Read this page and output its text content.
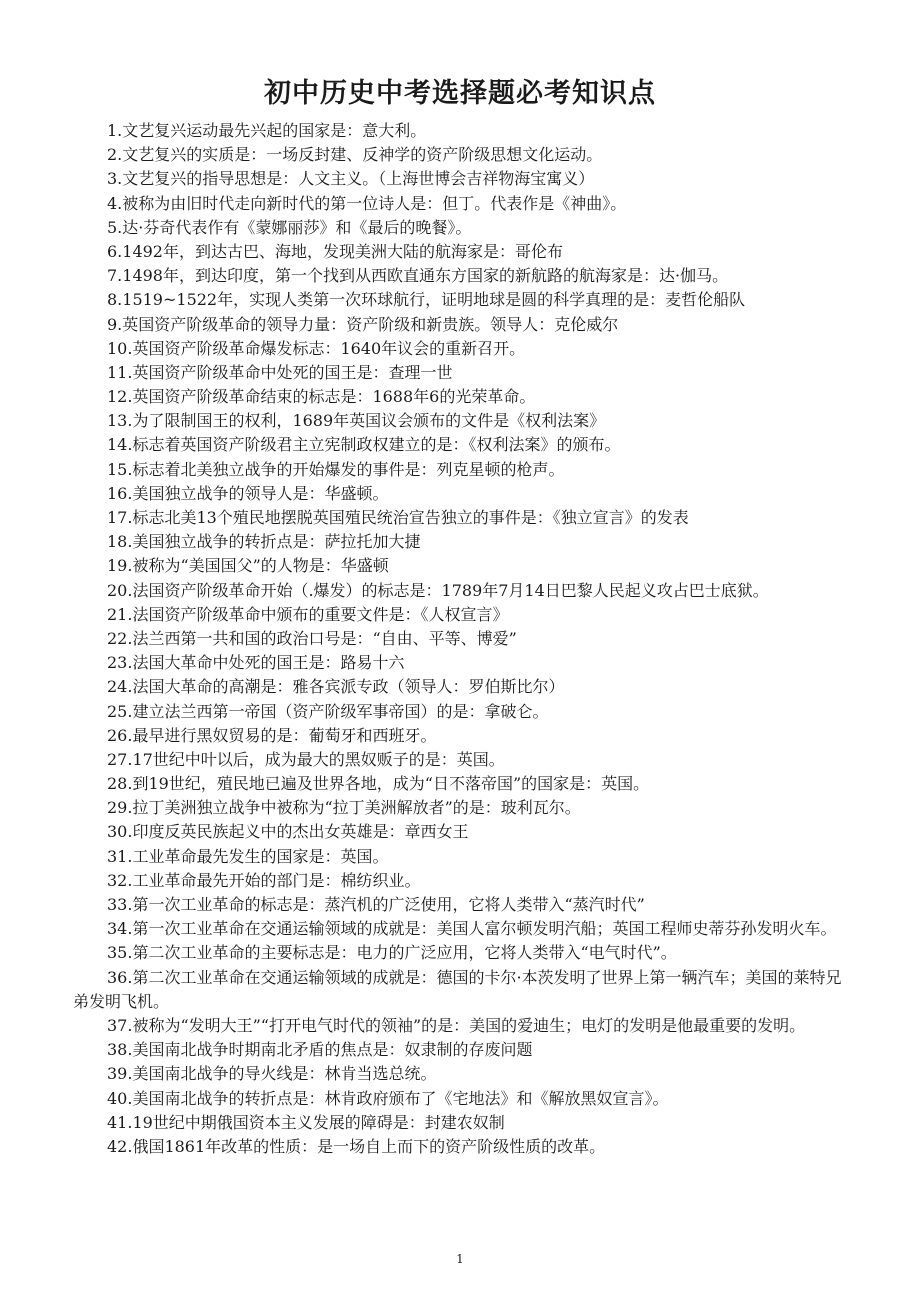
初中历史中考选择题必考知识点
1.文艺复兴运动最先兴起的国家是：意大利。
2.文艺复兴的实质是：一场反封建、反神学的资产阶级思想文化运动。
3.文艺复兴的指导思想是：人文主义。（上海世博会吉祥物海宝寓义）
4.被称为由旧时代走向新时代的第一位诗人是：但丁。代表作是《神曲》。
5.达·芬奇代表作有《蒙娜丽莎》和《最后的晚餐》。
6.1492年，到达古巴、海地，发现美洲大陆的航海家是：哥伦布
7.1498年，到达印度，第一个找到从西欧直通东方国家的新航路的航海家是：达·伽马。
8.1519~1522年，实现人类第一次环球航行，证明地球是圆的科学真理的是：麦哲伦船队
9.英国资产阶级革命的领导力量：资产阶级和新贵族。领导人：克伦威尔
10.英国资产阶级革命爆发标志：1640年议会的重新召开。
11.英国资产阶级革命中处死的国王是：查理一世
12.英国资产阶级革命结束的标志是：1688年6的光荣革命。
13.为了限制国王的权利，1689年英国议会颁布的文件是《权利法案》
14.标志着英国资产阶级君主立宪制政权建立的是：《权利法案》的颁布。
15.标志着北美独立战争的开始爆发的事件是：列克星顿的枪声。
16.美国独立战争的领导人是：华盛顿。
17.标志北美13个殖民地摆脱英国殖民统治宣告独立的事件是：《独立宣言》的发表
18.美国独立战争的转折点是：萨拉托加大捷
19.被称为“美国国父”的人物是：华盛顿
20.法国资产阶级革命开始（.爆发）的标志是：1789年7月14日巴黎人民起义攻占巴士底狱。
21.法国资产阶级革命中颁布的重要文件是：《人权宣言》
22.法兰西第一共和国的政治口号是：“自由、平等、博爱”
23.法国大革命中处死的国王是：路易十六
24.法国大革命的高潮是：雅各宾派专政（领导人：罗伯斯比尔）
25.建立法兰西第一帝国（资产阶级军事帝国）的是：拿破仑。
26.最早进行黑奴贸易的是：葡萄牙和西班牙。
27.17世纪中叶以后，成为最大的黑奴贩子的是：英国。
28.到19世纪，殖民地已遍及世界各地，成为“日不落帝国”的国家是：英国。
29.拉丁美洲独立战争中被称为“拉丁美洲解放者”的是：玻利瓦尔。
30.印度反英民族起义中的杰出女英雄是：章西女王
31.工业革命最先发生的国家是：英国。
32.工业革命最先开始的部门是：棉纺织业。
33.第一次工业革命的标志是：蒸汽机的广泛使用，它将人类带入“蒸汽时代”
34.第一次工业革命在交通运输领域的成就是：美国人富尔顿发明汽船；英国工程师史蒂芬孙发明火车。
35.第二次工业革命的主要标志是：电力的广泛应用，它将人类带入“电气时代”。
36.第二次工业革命在交通运输领域的成就是：德国的卡尔·本茨发明了世界上第一辆汽车；美国的莱特兄弟发明飞机。
37.被称为“发明大王”“打开电气时代的领袖”的是：美国的爱迪生；电灯的发明是他最重要的发明。
38.美国南北战争时期南北矛盾的焦点是：奴隶制的存废问题
39.美国南北战争的导火线是：林肯当选总统。
40.美国南北战争的转折点是：林肯政府颁布了《宅地法》和《解放黑奴宣言》。
41.19世纪中期俄国资本主义发展的障碍是：封建农奴制
42.俄国1861年改革的性质：是一场自上而下的资产阶级性质的改革。
1
